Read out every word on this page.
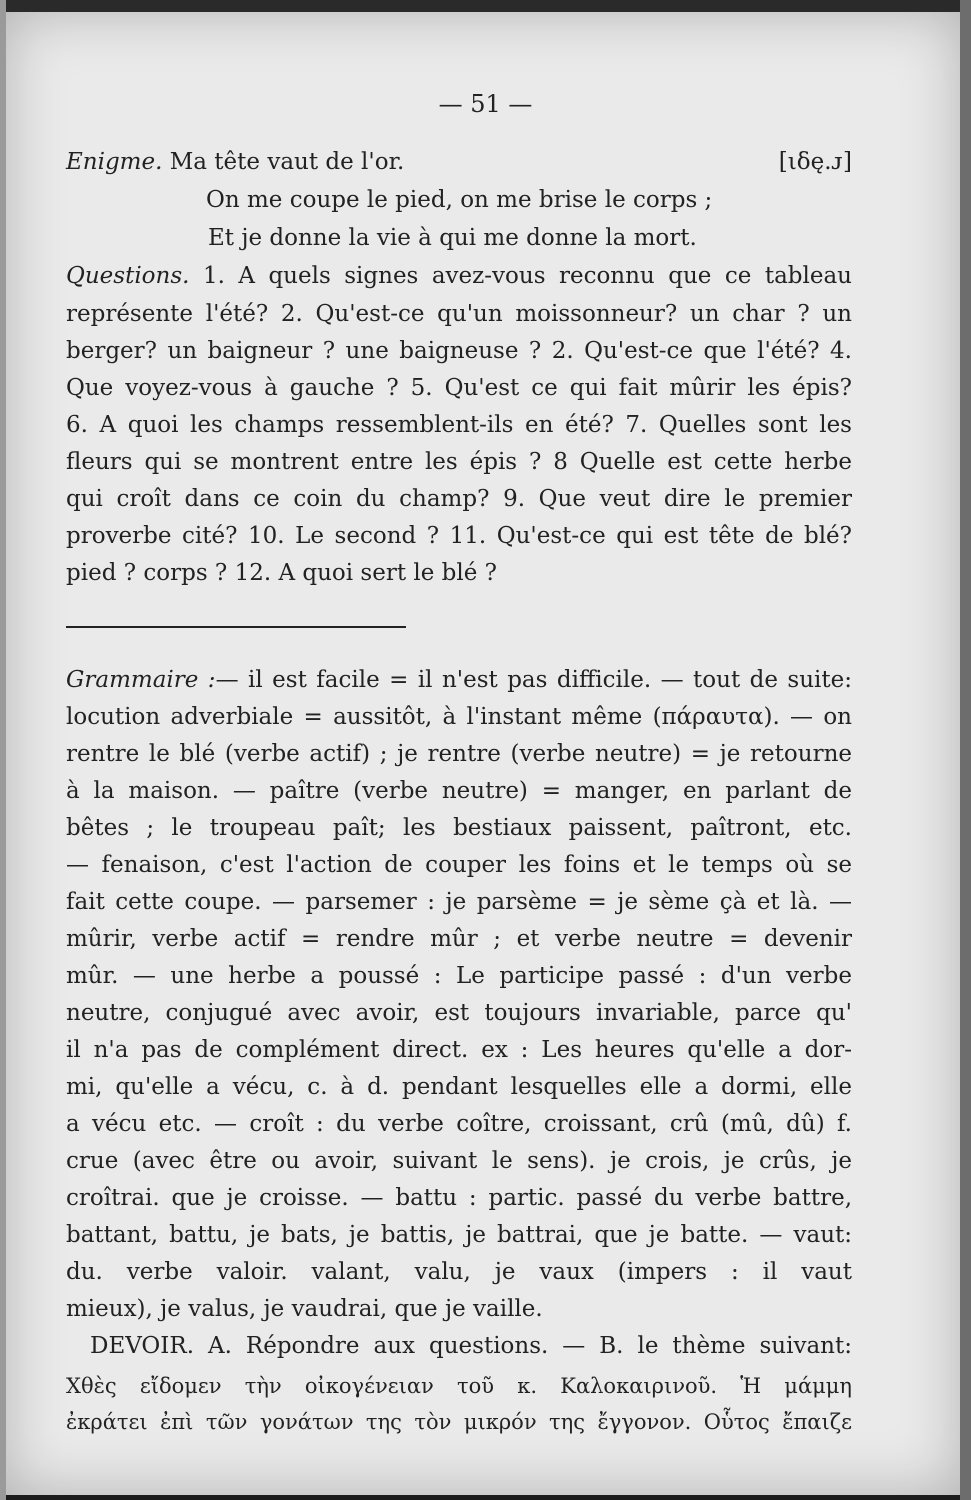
— 51 —
Enigme. Ma tête vaut de l'or.	[ιδę.ᴊ]
On me coupe le pied, on me brise le corps ;
Et je donne la vie à qui me donne la mort.
Questions. 1. A quels signes avez-vous reconnu que ce tableau
représente l'été? 2. Qu'est-ce qu'un moissonneur? un char ? un
berger? un baigneur ? une baigneuse ? 2. Qu'est-ce que l'été? 4.
Que voyez-vous à gauche ? 5. Qu'est ce qui fait mûrir les épis?
6. A quoi les champs ressemblent-ils en été? 7. Quelles sont les
fleurs qui se montrent entre les épis ? 8 Quelle est cette herbe
qui croît dans ce coin du champ? 9. Que veut dire le premier
proverbe cité? 10. Le second ? 11. Qu'est-ce qui est tête de blé?
pied ? corps ? 12. A quoi sert le blé ?
Grammaire :— il est facile = il n'est pas difficile. — tout de suite:
locution adverbiale = aussitôt, à l'instant même (πάραυτα). — on
rentre le blé (verbe actif) ; je rentre (verbe neutre) = je retourne
à la maison. — paître (verbe neutre) = manger, en parlant de
bêtes ; le troupeau paît; les bestiaux paissent, paîtront, etc.
— fenaison, c'est l'action de couper les foins et le temps où se
fait cette coupe. — parsemer : je parsème = je sème çà et là. —
mûrir, verbe actif = rendre mûr ; et verbe neutre = devenir
mûr. — une herbe a poussé : Le participe passé : d'un verbe
neutre, conjugué avec avoir, est toujours invariable, parce qu'
il n'a pas de complément direct. ex : Les heures qu'elle a dor-
mi, qu'elle a vécu, c. à d. pendant lesquelles elle a dormi, elle
a vécu etc. — croît : du verbe coître, croissant, crû (mû, dû) f.
crue (avec être ou avoir, suivant le sens). je crois, je crûs, je
croîtrai. que je croisse. — battu : partic. passé du verbe battre,
battant, battu, je bats, je battis, je battrai, que je batte. — vaut:
du. verbe valoir. valant, valu, je vaux (impers : il vaut
mieux), je valus, je vaudrai, que je vaille.
DEVOIR. A. Répondre aux questions. — B. le thème suivant:
Χθὲς εἴδομεν τὴν οἰκογένειαν τοῦ κ. Καλοκαιρινοῦ. Ἡ μάμμη
ἐκράτει ἐπὶ τῶν γονάτων της τὸν μικρόν της ἔγγονον. Οὗτος ἔπαιζε
